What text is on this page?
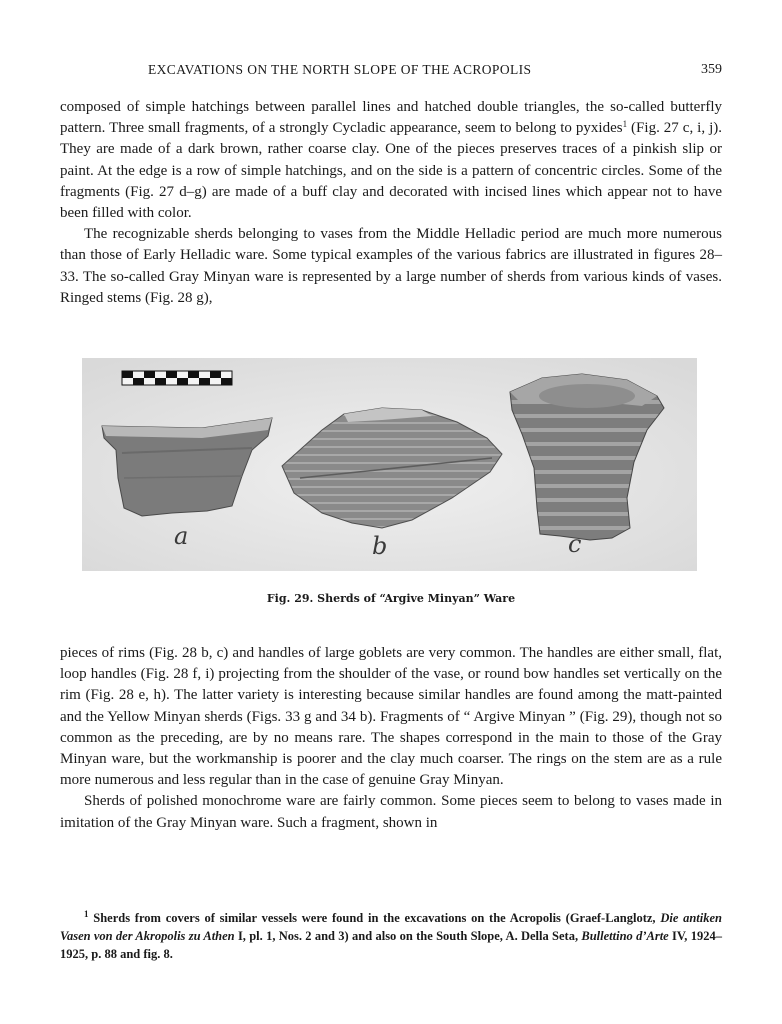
EXCAVATIONS ON THE NORTH SLOPE OF THE ACROPOLIS	359

composed of simple hatchings between parallel lines and hatched double triangles, the so-called butterfly pattern. Three small fragments, of a strongly Cycladic appearance, seem to belong to pyxides$^1$ (Fig. 27 c, i, j). They are made of a dark brown, rather coarse clay. One of the pieces preserves traces of a pinkish slip or paint. At the edge is a row of simple hatchings, and on the side is a pattern of concentric circles. Some of the fragments (Fig. 27 d–g) are made of a buff clay and decorated with incised lines which appear not to have been filled with color.

The recognizable sherds belonging to vases from the Middle Helladic period are much more numerous than those of Early Helladic ware. Some typical examples of the various fabrics are illustrated in figures 28–33. The so-called Gray Minyan ware is represented by a large number of sherds from various kinds of vases. Ringed stems (Fig. 28 g),

a	b	c
Fig. 29. Sherds of “Argive Minyan” Ware

pieces of rims (Fig. 28 b, c) and handles of large goblets are very common. The handles are either small, flat, loop handles (Fig. 28 f, i) projecting from the shoulder of the vase, or round bow handles set vertically on the rim (Fig. 28 e, h). The latter variety is interesting because similar handles are found among the matt-painted and the Yellow Minyan sherds (Figs. 33 g and 34 b). Fragments of “ Argive Minyan ” (Fig. 29), though not so common as the preceding, are by no means rare. The shapes correspond in the main to those of the Gray Minyan ware, but the workmanship is poorer and the clay much coarser. The rings on the stem are as a rule more numerous and less regular than in the case of genuine Gray Minyan.

Sherds of polished monochrome ware are fairly common. Some pieces seem to belong to vases made in imitation of the Gray Minyan ware. Such a fragment, shown in

$^1$ Sherds from covers of similar vessels were found in the excavations on the Acropolis (Graef-Langlotz, Die antiken Vasen von der Akropolis zu Athen I, pl. 1, Nos. 2 and 3) and also on the South Slope, A. Della Seta, Bullettino d’Arte IV, 1924–1925, p. 88 and fig. 8.
